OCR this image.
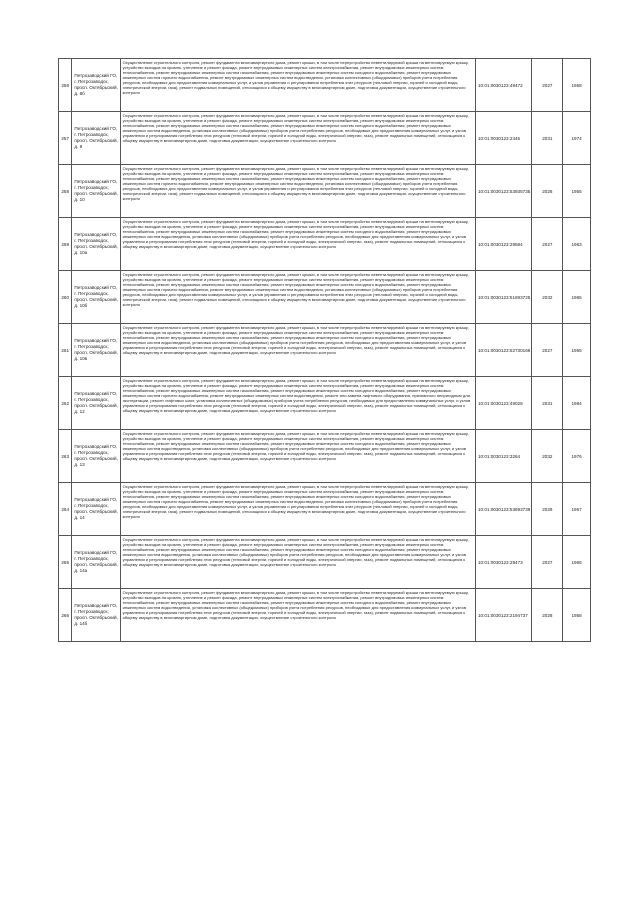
256	Петрозаводский ГО, г. Петрозаводск, просп. Октябрьский, д. 8б	Осуществление строительного контроля, ремонт фундамента многоквартирного дома, ремонт крыши, в том числе переустройство невентилируемой крыши на вентилируемую крышу, устройство выходов на кровлю, утепление и ремонт фасада, ремонт внутридомовых инженерных систем электроснабжения, ремонт внутридомовых инженерных систем теплоснабжения, ремонт внутридомовых инженерных систем газоснабжения, ремонт внутридомовых инженерных систем холодного водоснабжения, ремонт внутридомовых инженерных систем горячего водоснабжения, ремонт внутридомовых инженерных систем водоотведения, установка коллективных (общедомовых) приборов учета потребления ресурсов, необходимых для предоставления коммунальных услуг, и узлов управления и регулирования потребления этих ресурсов (тепловой энергии, горячей и холодной воды, электрической энергии, газа), ремонт подвальных помещений, относящихся к общему имуществу в многоквартирном доме, подготовка документации, осуществление строительного контроля	10:01:0030123:49472	2027	1958
257	Петрозаводский ГО, г. Петрозаводск, просп. Октябрьский, д. 9	Осуществление строительного контроля, ремонт фундамента многоквартирного дома, ремонт крыши, в том числе переустройство невентилируемой крыши на вентилируемую крышу, устройство выходов на кровлю, утепление и ремонт фасада, ремонт внутридомовых инженерных систем электроснабжения, ремонт внутридомовых инженерных систем теплоснабжения, ремонт внутридомовых инженерных систем газоснабжения, ремонт внутридомовых инженерных систем холодного водоснабжения, ремонт внутридомовых инженерных систем водоотведения, установка коллективных (общедомовых) приборов учета потребления ресурсов, необходимых для предоставления коммунальных услуг, и узлов управления и регулирования потребления этих ресурсов (тепловой энергии, горячей и холодной воды, электрической энергии, газа), ремонт подвальных помещений, относящихся к общему имуществу в многоквартирном доме, подготовка документации, осуществление строительного контроля	10:01:0030123:2445	2031	1974
258	Петрозаводский ГО, г. Петрозаводск, просп. Октябрьский, д. 10	Осуществление строительного контроля, ремонт фундамента многоквартирного дома, ремонт крыши, в том числе переустройство невентилируемой крыши на вентилируемую крышу, устройство выходов на кровлю, утепление и ремонт фасада, ремонт внутридомовых инженерных систем электроснабжения, ремонт внутридомовых инженерных систем теплоснабжения, ремонт внутридомовых инженерных систем газоснабжения, ремонт внутридомовых инженерных систем холодного водоснабжения, ремонт внутридомовых инженерных систем горячего водоснабжения, ремонт внутридомовых инженерных систем водоотведения, установка коллективных (общедомовых) приборов учета потребления ресурсов, необходимых для предоставления коммунальных услуг, и узлов управления и регулирования потребления этих ресурсов (тепловой энергии, горячей и холодной воды, электрической энергии, газа), ремонт подвальных помещений, относящихся к общему имуществу в многоквартирном доме, подготовка документации, осуществление строительного контроля	10:01:0030123:53935735	2026	1955
259	Петрозаводский ГО, г. Петрозаводск, просп. Октябрьский, д. 10а	Осуществление строительного контроля, ремонт фундамента многоквартирного дома, ремонт крыши, в том числе переустройство невентилируемой крыши на вентилируемую крышу, устройство выходов на кровлю, утепление и ремонт фасада, ремонт внутридомовых инженерных систем электроснабжения, ремонт внутридомовых инженерных систем теплоснабжения, ремонт внутридомовых инженерных систем газоснабжения, ремонт внутридомовых инженерных систем холодного водоснабжения, ремонт внутридомовых инженерных систем водоотведения, установка коллективных (общедомовых) приборов учета потребления ресурсов, необходимых для предоставления коммунальных услуг, и узлов управления и регулирования потребления этих ресурсов (тепловой энергии, горячей и холодной воды, электрической энергии, газа), ремонт подвальных помещений, относящихся к общему имуществу в многоквартирном доме, подготовка документации, осуществление строительного контроля	10:01:0030123:29584	2027	1963
260	Петрозаводский ГО, г. Петрозаводск, просп. Октябрьский, д. 10б	Осуществление строительного контроля, ремонт фундамента многоквартирного дома, ремонт крыши, в том числе переустройство невентилируемой крыши на вентилируемую крышу, устройство выходов на кровлю, утепление и ремонт фасада, ремонт внутридомовых инженерных систем электроснабжения, ремонт внутридомовых инженерных систем теплоснабжения, ремонт внутридомовых инженерных систем газоснабжения, ремонт внутридомовых инженерных систем холодного водоснабжения, ремонт внутридомовых инженерных систем горячего водоснабжения, ремонт внутридомовых инженерных систем водоотведения, установка коллективных (общедомовых) приборов учета потребления ресурсов, необходимых для предоставления коммунальных услуг, и узлов управления и регулирования потребления этих ресурсов (тепловой энергии, горячей и холодной воды, электрической энергии, газа), ремонт подвальных помещений, относящихся к общему имуществу в многоквартирном доме, подготовка документации, осуществление строительного контроля	10:01:0030123:51693725	2032	1965
261	Петрозаводский ГО, г. Петрозаводск, просп. Октябрьский, д. 10в	Осуществление строительного контроля, ремонт фундамента многоквартирного дома, ремонт крыши, в том числе переустройство невентилируемой крыши на вентилируемую крышу, устройство выходов на кровлю, утепление и ремонт фасада, ремонт внутридомовых инженерных систем электроснабжения, ремонт внутридомовых инженерных систем теплоснабжения, ремонт внутридомовых инженерных систем газоснабжения, ремонт внутридомовых инженерных систем холодного водоснабжения, ремонт внутридомовых инженерных систем водоотведения, установка коллективных (общедомовых) приборов учета потребления ресурсов, необходимых для предоставления коммунальных услуг, и узлов управления и регулирования потребления этих ресурсов (тепловой энергии, горячей и холодной воды, электрической энергии, газа), ремонт подвальных помещений, относящихся к общему имуществу в многоквартирном доме, подготовка документации, осуществление строительного контроля	10:01:0030123:52730166	2027	1955
262	Петрозаводский ГО, г. Петрозаводск, просп. Октябрьский, д. 12	Осуществление строительного контроля, ремонт фундамента многоквартирного дома, ремонт крыши, в том числе переустройство невентилируемой крыши на вентилируемую крышу, устройство выходов на кровлю, утепление и ремонт фасада, ремонт внутридомовых инженерных систем электроснабжения, ремонт внутридомовых инженерных систем теплоснабжения, ремонт внутридомовых инженерных систем газоснабжения, ремонт внутридомовых инженерных систем холодного водоснабжения, ремонт внутридомовых инженерных систем горячего водоснабжения, ремонт внутридомовых инженерных систем водоотведения, ремонт или замена лифтового оборудования, признанного непригодным для эксплуатации, ремонт лифтовых шахт, установка коллективных (общедомовых) приборов учета потребления ресурсов, необходимых для предоставления коммунальных услуг, и узлов управления и регулирования потребления этих ресурсов (тепловой энергии, горячей и холодной воды, электрической энергии, газа), ремонт подвальных помещений, относящихся к общему имуществу в многоквартирном доме, подготовка документации, осуществление строительного контроля	10:01:0030123:49029	2031	1984
263	Петрозаводский ГО, г. Петрозаводск, просп. Октябрьский, д. 13	Осуществление строительного контроля, ремонт фундамента многоквартирного дома, ремонт крыши, в том числе переустройство невентилируемой крыши на вентилируемую крышу, устройство выходов на кровлю, утепление и ремонт фасада, ремонт внутридомовых инженерных систем электроснабжения, ремонт внутридомовых инженерных систем теплоснабжения, ремонт внутридомовых инженерных систем газоснабжения, ремонт внутридомовых инженерных систем холодного водоснабжения, ремонт внутридомовых инженерных систем водоотведения, установка коллективных (общедомовых) приборов учета потребления ресурсов, необходимых для предоставления коммунальных услуг, и узлов управления и регулирования потребления этих ресурсов (тепловой энергии, горячей и холодной воды, электрической энергии, газа), ремонт подвальных помещений, относящихся к общему имуществу в многоквартирном доме, подготовка документации, осуществление строительного контроля	10:01:0030123:3264	2032	1976
264	Петрозаводский ГО, г. Петрозаводск, просп. Октябрьский, д. 14	Осуществление строительного контроля, ремонт фундамента многоквартирного дома, ремонт крыши, в том числе переустройство невентилируемой крыши на вентилируемую крышу, устройство выходов на кровлю, утепление и ремонт фасада, ремонт внутридомовых инженерных систем электроснабжения, ремонт внутридомовых инженерных систем теплоснабжения, ремонт внутридомовых инженерных систем газоснабжения, ремонт внутридомовых инженерных систем холодного водоснабжения, ремонт внутридомовых инженерных систем горячего водоснабжения, ремонт внутридомовых инженерных систем водоотведения, установка коллективных (общедомовых) приборов учета потребления ресурсов, необходимых для предоставления коммунальных услуг, и узлов управления и регулирования потребления этих ресурсов (тепловой энергии, горячей и холодной воды, электрической энергии, газа), ремонт подвальных помещений, относящихся к общему имуществу в многоквартирном доме, подготовка документации, осуществление строительного контроля	10:01:0030123:53693739	2026	1957
265	Петрозаводский ГО, г. Петрозаводск, просп. Октябрьский, д. 14а	Осуществление строительного контроля, ремонт фундамента многоквартирного дома, ремонт крыши, в том числе переустройство невентилируемой крыши на вентилируемую крышу, устройство выходов на кровлю, утепление и ремонт фасада, ремонт внутридомовых инженерных систем электроснабжения, ремонт внутридомовых инженерных систем теплоснабжения, ремонт внутридомовых инженерных систем газоснабжения, ремонт внутридомовых инженерных систем холодного водоснабжения, ремонт внутридомовых инженерных систем водоотведения, установка коллективных (общедомовых) приборов учета потребления ресурсов, необходимых для предоставления коммунальных услуг, и узлов управления и регулирования потребления этих ресурсов (тепловой энергии, горячей и холодной воды, электрической энергии, газа), ремонт подвальных помещений, относящихся к общему имуществу в многоквартирном доме, подготовка документации, осуществление строительного контроля	10:01:0030123:29473	2027	1966
266	Петрозаводский ГО, г. Петрозаводск, просп. Октябрьский, д. 14б	Осуществление строительного контроля, ремонт фундамента многоквартирного дома, ремонт крыши, в том числе переустройство невентилируемой крыши на вентилируемую крышу, устройство выходов на кровлю, утепление и ремонт фасада, ремонт внутридомовых инженерных систем электроснабжения, ремонт внутридомовых инженерных систем теплоснабжения, ремонт внутридомовых инженерных систем газоснабжения, ремонт внутридомовых инженерных систем холодного водоснабжения, ремонт внутридомовых инженерных систем водоотведения, установка коллективных (общедомовых) приборов учета потребления ресурсов, необходимых для предоставления коммунальных услуг, и узлов управления и регулирования потребления этих ресурсов (тепловой энергии, горячей и холодной воды, электрической энергии, газа), ремонт подвальных помещений, относящихся к общему имуществу в многоквартирном доме, подготовка документации, осуществление строительного контроля	10:01:0030123:2194737	2028	1958
